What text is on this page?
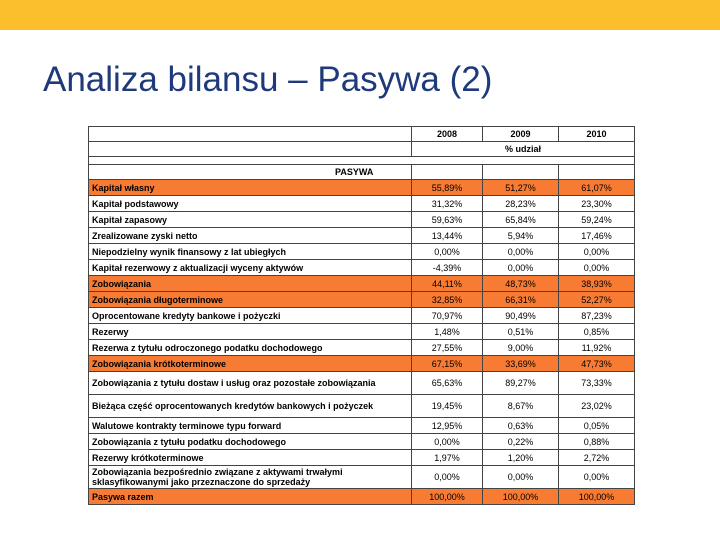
Analiza bilansu – Pasywa (2)
	2008	2009	2010
	% udział		

PASYWA			
Kapitał własny	55,89%	51,27%	61,07%
Kapitał podstawowy	31,32%	28,23%	23,30%
Kapitał zapasowy	59,63%	65,84%	59,24%
Zrealizowane zyski netto	13,44%	5,94%	17,46%
Niepodzielny wynik finansowy z lat ubiegłych	0,00%	0,00%	0,00%
Kapitał rezerwowy z aktualizacji wyceny aktywów	-4,39%	0,00%	0,00%
Zobowiązania	44,11%	48,73%	38,93%
Zobowiązania długoterminowe	32,85%	66,31%	52,27%
Oprocentowane kredyty bankowe i pożyczki	70,97%	90,49%	87,23%
Rezerwy	1,48%	0,51%	0,85%
Rezerwa z tytułu odroczonego podatku dochodowego	27,55%	9,00%	11,92%
Zobowiązania krótkoterminowe	67,15%	33,69%	47,73%
Zobowiązania z tytułu dostaw i usług oraz pozostałe zobowiązania	65,63%	89,27%	73,33%
Bieżąca część oprocentowanych kredytów bankowych i pożyczek	19,45%	8,67%	23,02%
Walutowe kontrakty terminowe typu forward	12,95%	0,63%	0,05%
Zobowiązania z tytułu podatku dochodowego	0,00%	0,22%	0,88%
Rezerwy krótkoterminowe	1,97%	1,20%	2,72%
Zobowiązania bezpośrednio związane z aktywami trwałymi sklasyfikowanymi jako przeznaczone do sprzedaży	0,00%	0,00%	0,00%
Pasywa razem	100,00%	100,00%	100,00%
